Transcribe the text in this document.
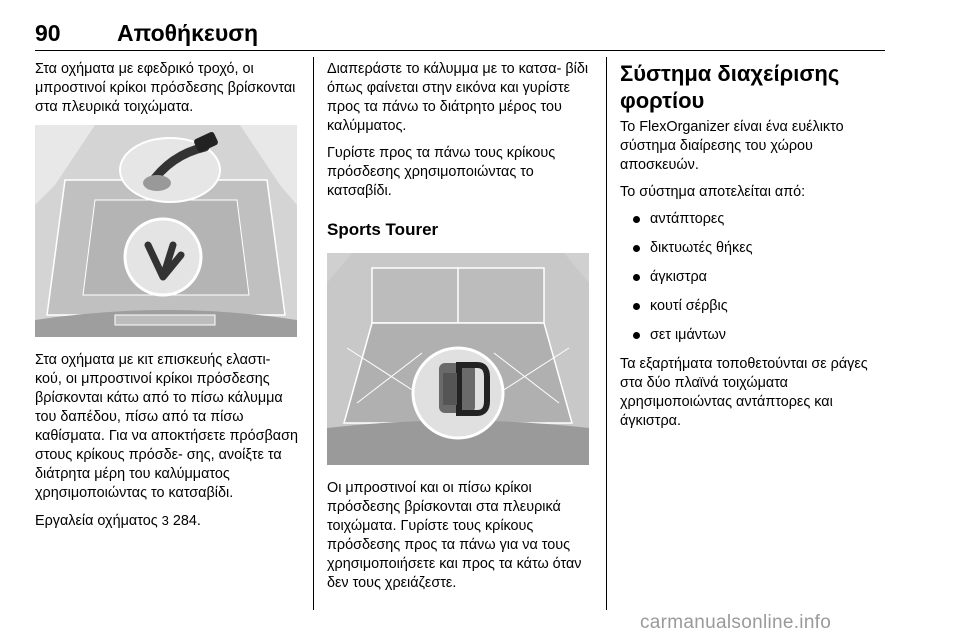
90 Αποθήκευση

Στα οχήματα με εφεδρικό τροχό, οι μπροστινοί κρίκοι πρόσδεσης βρίσκονται στα πλευρικά τοιχώματα.

Στα οχήματα με κιτ επισκευής ελαστι- κού, οι μπροστινοί κρίκοι πρόσδεσης βρίσκονται κάτω από το πίσω κάλυμμα του δαπέδου, πίσω από τα πίσω καθίσματα. Για να αποκτήσετε πρόσβαση στους κρίκους πρόσδε- σης, ανοίξτε τα διάτρητα μέρη του καλύμματος χρησιμοποιώντας το κατσαβίδι.

Εργαλεία οχήματος 3 284.

Διαπεράστε το κάλυμμα με το κατσα- βίδι όπως φαίνεται στην εικόνα και γυρίστε προς τα πάνω το διάτρητο μέρος του καλύμματος.

Γυρίστε προς τα πάνω τους κρίκους πρόσδεσης χρησιμοποιώντας το κατσαβίδι.

Sports Tourer

Οι μπροστινοί και οι πίσω κρίκοι πρόσδεσης βρίσκονται στα πλευρικά τοιχώματα. Γυρίστε τους κρίκους πρόσδεσης προς τα πάνω για να τους χρησιμοποιήσετε και προς τα κάτω όταν δεν τους χρειάζεστε.

Σύστημα διαχείρισης φορτίου

Το FlexOrganizer είναι ένα ευέλικτο σύστημα διαίρεσης του χώρου αποσκευών.

Το σύστημα αποτελείται από:

αντάπτορες
δικτυωτές θήκες
άγκιστρα
κουτί σέρβις
σετ ιμάντων

Τα εξαρτήματα τοποθετούνται σε ράγες στα δύο πλαϊνά τοιχώματα χρησιμοποιώντας αντάπτορες και άγκιστρα.

carmanualsonline.info
